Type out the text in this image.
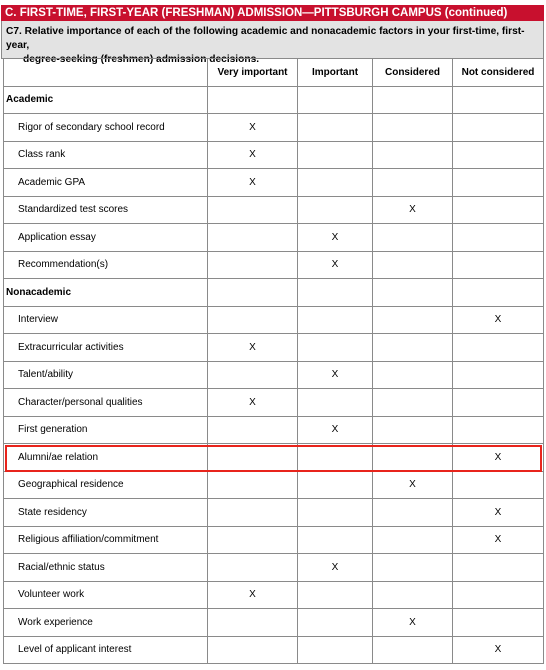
C. FIRST-TIME, FIRST-YEAR (FRESHMAN) ADMISSION—PITTSBURGH CAMPUS (continued)
C7. Relative importance of each of the following academic and nonacademic factors in your first-time, first-year,
degree-seeking (freshmen) admission decisions.
	Very important	Important	Considered	Not considered
Academic				
Rigor of secondary school record	X			
Class rank	X			
Academic GPA	X			
Standardized test scores			X	
Application essay		X		
Recommendation(s)		X		
Nonacademic				
Interview				X
Extracurricular activities	X			
Talent/ability		X		
Character/personal qualities	X			
First generation		X		
Alumni/ae relation				X
Geographical residence			X	
State residency				X
Religious affiliation/commitment				X
Racial/ethnic status		X		
Volunteer work	X			
Work experience			X	
Level of applicant interest				X
